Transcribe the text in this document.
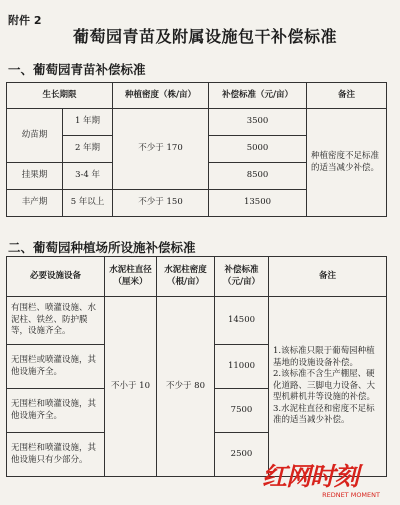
附件 2
葡萄园青苗及附属设施包干补偿标准
一、葡萄园青苗补偿标准
生长期限		种植密度（株/亩）	补偿标准（元/亩）	备注
幼苗期	1 年期	不少于 170	3500	种植密度不足标准的适当减少补偿。
	2 年期		5000	
挂果期	3-4 年		8500	
丰产期	5 年以上	不少于 150	13500	
二、葡萄园种植场所设施补偿标准
必要设施设备	水泥柱直径（厘米）	水泥柱密度（根/亩）	补偿标准（元/亩）	备注
有围栏、喷灌设施、水泥柱、铁丝、防护膜等，设施齐全。	不小于 10	不少于 80	14500	1.该标准只限于葡萄园种植基地的设施设备补偿。

2.该标准不含生产棚屋、硬化道路、三脚电力设备、大型机耕机井等设施的补偿。

3.水泥柱直径和密度不足标准的适当减少补偿。

无围栏或喷灌设施，其他设施齐全。			11000	
无围栏和喷灌设施，其他设施齐全。			7500	
无围栏和喷灌设施，其他设施只有少部分。			2500	
红网时刻
REDNET MOMENT
